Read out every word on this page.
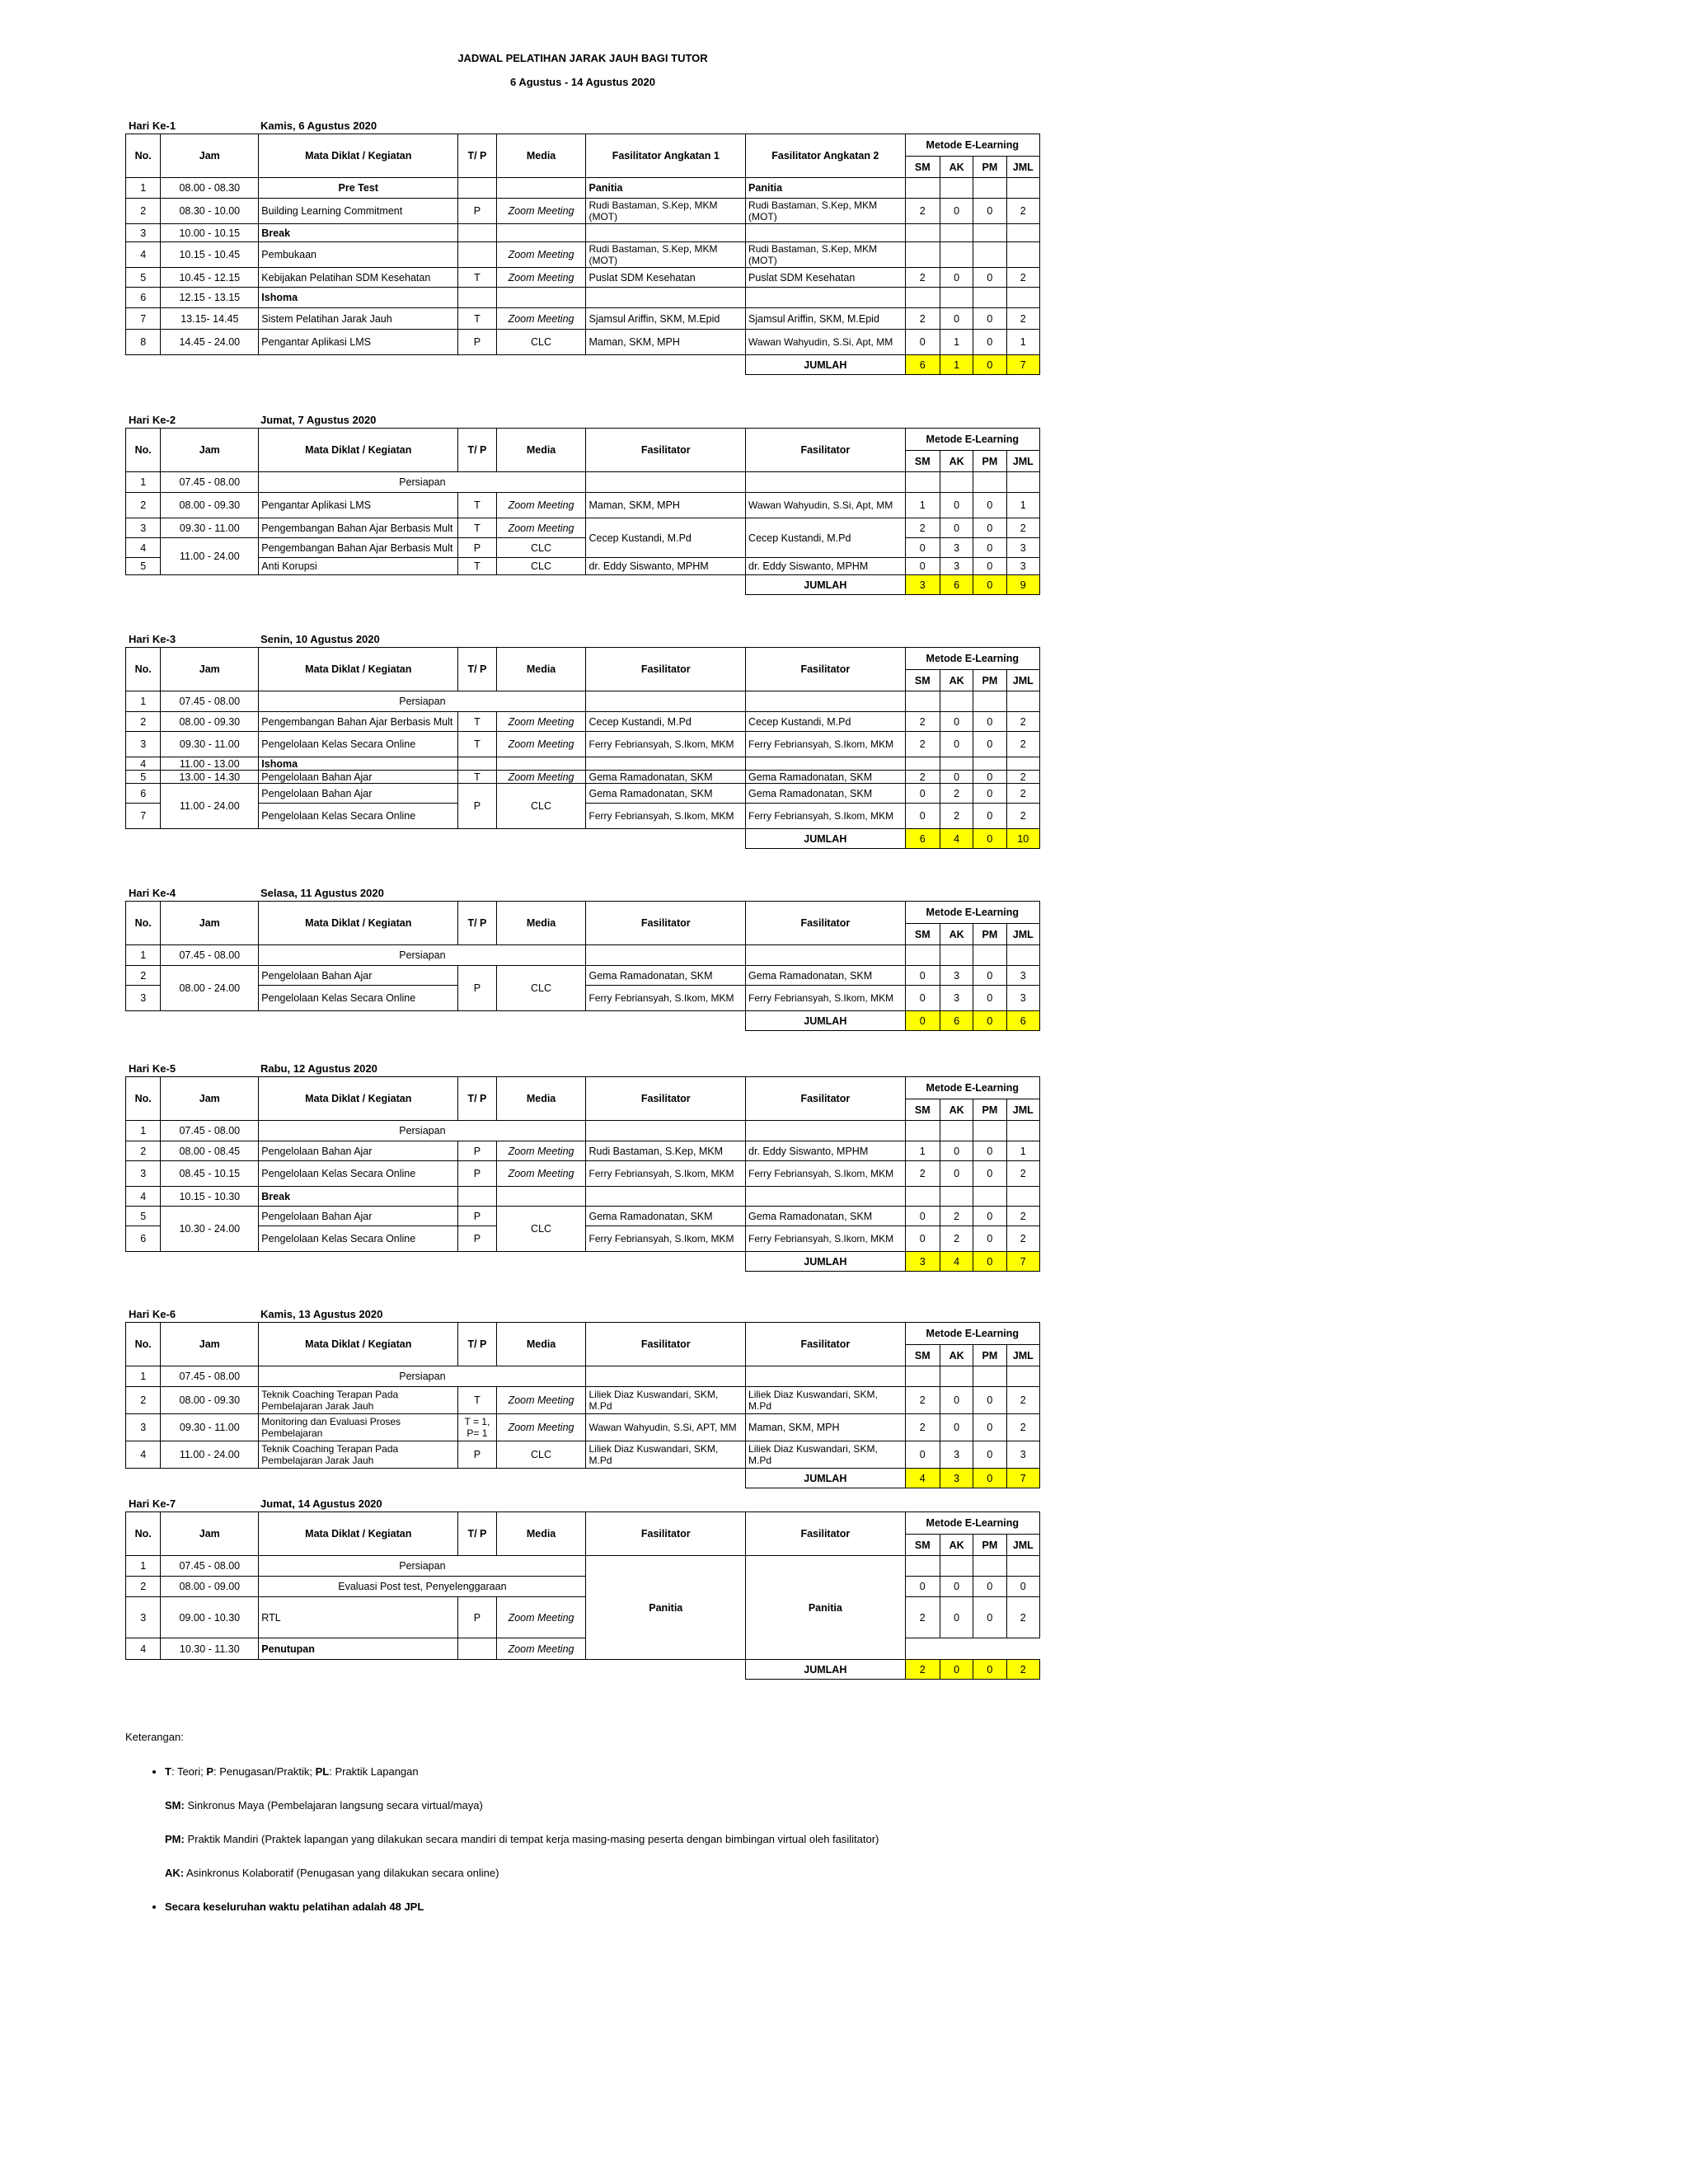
JADWAL PELATIHAN JARAK JAUH BAGI TUTOR
6 Agustus - 14 Agustus 2020
Hari Ke-1	Kamis, 6 Agustus 2020
No.	Jam	Mata Diklat / Kegiatan	T/ P	Media	Fasilitator Angkatan 1	Fasilitator Angkatan 2	Metode E-Learning			
							SM	AK	PM	JML
1	08.00 - 08.30	Pre Test			Panitia	Panitia				
2	08.30 - 10.00	Building Learning Commitment	P	Zoom Meeting	Rudi Bastaman, S.Kep, MKM (MOT)	Rudi Bastaman, S.Kep, MKM (MOT)	2	0	0	2
3	10.00 - 10.15	Break								
4	10.15 - 10.45	Pembukaan		Zoom Meeting	Rudi Bastaman, S.Kep, MKM (MOT)	Rudi Bastaman, S.Kep, MKM (MOT)				
5	10.45 - 12.15	Kebijakan Pelatihan SDM Kesehatan	T	Zoom Meeting	Puslat SDM Kesehatan	Puslat SDM Kesehatan	2	0	0	2
6	12.15 - 13.15	Ishoma								
7	13.15- 14.45	Sistem Pelatihan Jarak Jauh	T	Zoom Meeting	Sjamsul Ariffin, SKM, M.Epid	Sjamsul Ariffin, SKM, M.Epid	2	0	0	2
8	14.45 - 24.00	Pengantar Aplikasi LMS	P	CLC	Maman, SKM, MPH	Wawan Wahyudin, S.Si, Apt, MM	0	1	0	1
						JUMLAH	6	1	0	7
Hari Ke-2	Jumat, 7 Agustus 2020
No.	Jam	Mata Diklat / Kegiatan	T/ P	Media	Fasilitator	Fasilitator	Metode E-Learning			
							SM	AK	PM	JML
1	07.45 - 08.00	Persiapan								
2	08.00 - 09.30	Pengantar Aplikasi LMS	T	Zoom Meeting	Maman, SKM, MPH	Wawan Wahyudin, S.Si, Apt, MM	1	0	0	1
3	09.30 - 11.00	Pengembangan Bahan Ajar Berbasis Mult	T	Zoom Meeting	Cecep Kustandi, M.Pd	Cecep Kustandi, M.Pd	2	0	0	2
4	11.00 - 24.00	Pengembangan Bahan Ajar Berbasis Mult	P	CLC			0	3	0	3
5		Anti Korupsi	T	CLC	dr. Eddy Siswanto, MPHM	dr. Eddy Siswanto, MPHM	0	3	0	3
						JUMLAH	3	6	0	9
Hari Ke-3	Senin, 10 Agustus 2020
No.	Jam	Mata Diklat / Kegiatan	T/ P	Media	Fasilitator	Fasilitator	Metode E-Learning			
							SM	AK	PM	JML
1	07.45 - 08.00	Persiapan								
2	08.00 - 09.30	Pengembangan Bahan Ajar Berbasis Mult	T	Zoom Meeting	Cecep Kustandi, M.Pd	Cecep Kustandi, M.Pd	2	0	0	2
3	09.30 - 11.00	Pengelolaan Kelas Secara Online	T	Zoom Meeting	Ferry Febriansyah, S.Ikom, MKM	Ferry Febriansyah, S.Ikom, MKM	2	0	0	2
4	11.00 - 13.00	Ishoma								
5	13.00 - 14.30	Pengelolaan Bahan Ajar	T	Zoom Meeting	Gema Ramadonatan, SKM	Gema Ramadonatan, SKM	2	0	0	2
6	11.00 - 24.00	Pengelolaan Bahan Ajar	P	CLC	Gema Ramadonatan, SKM	Gema Ramadonatan, SKM	0	2	0	2
7		Pengelolaan Kelas Secara Online			Ferry Febriansyah, S.Ikom, MKM	Ferry Febriansyah, S.Ikom, MKM	0	2	0	2
						JUMLAH	6	4	0	10
Hari Ke-4	Selasa, 11 Agustus 2020
No.	Jam	Mata Diklat / Kegiatan	T/ P	Media	Fasilitator	Fasilitator	Metode E-Learning			
							SM	AK	PM	JML
1	07.45 - 08.00	Persiapan								
2	08.00 - 24.00	Pengelolaan Bahan Ajar	P	CLC	Gema Ramadonatan, SKM	Gema Ramadonatan, SKM	0	3	0	3
3		Pengelolaan Kelas Secara Online			Ferry Febriansyah, S.Ikom, MKM	Ferry Febriansyah, S.Ikom, MKM	0	3	0	3
						JUMLAH	0	6	0	6
Hari Ke-5	Rabu, 12 Agustus 2020
No.	Jam	Mata Diklat / Kegiatan	T/ P	Media	Fasilitator	Fasilitator	Metode E-Learning			
							SM	AK	PM	JML
1	07.45 - 08.00	Persiapan								
2	08.00 - 08.45	Pengelolaan Bahan Ajar	P	Zoom Meeting	Rudi Bastaman, S.Kep, MKM	dr. Eddy Siswanto, MPHM	1	0	0	1
3	08.45 - 10.15	Pengelolaan Kelas Secara Online	P	Zoom Meeting	Ferry Febriansyah, S.Ikom, MKM	Ferry Febriansyah, S.Ikom, MKM	2	0	0	2
4	10.15 - 10.30	Break								
5	10.30 - 24.00	Pengelolaan Bahan Ajar	P	CLC	Gema Ramadonatan, SKM	Gema Ramadonatan, SKM	0	2	0	2
6		Pengelolaan Kelas Secara Online	P		Ferry Febriansyah, S.Ikom, MKM	Ferry Febriansyah, S.Ikom, MKM	0	2	0	2
						JUMLAH	3	4	0	7
Hari Ke-6	Kamis, 13 Agustus 2020
No.	Jam	Mata Diklat / Kegiatan	T/ P	Media	Fasilitator	Fasilitator	Metode E-Learning			
							SM	AK	PM	JML
1	07.45 - 08.00	Persiapan								
2	08.00 - 09.30	Teknik Coaching Terapan Pada Pembelajaran Jarak Jauh	T	Zoom Meeting	Liliek Diaz Kuswandari, SKM, M.Pd	Liliek Diaz Kuswandari, SKM, M.Pd	2	0	0	2
3	09.30 - 11.00	Monitoring dan Evaluasi Proses Pembelajaran	T = 1, P= 1	Zoom Meeting	Wawan Wahyudin, S.Si, APT, MM	Maman, SKM, MPH	2	0	0	2
4	11.00 - 24.00	Teknik Coaching Terapan Pada Pembelajaran Jarak Jauh	P	CLC	Liliek Diaz Kuswandari, SKM, M.Pd	Liliek Diaz Kuswandari, SKM, M.Pd	0	3	0	3
						JUMLAH	4	3	0	7
Hari Ke-7	Jumat, 14 Agustus 2020
No.	Jam	Mata Diklat / Kegiatan	T/ P	Media	Fasilitator	Fasilitator	Metode E-Learning			
							SM	AK	PM	JML
1	07.45 - 08.00	Persiapan			Panitia	Panitia				
2	08.00 - 09.00	Evaluasi Post test, Penyelenggaraan					0	0	0	0
3	09.00 - 10.30	RTL	P	Zoom Meeting			2	0	0	2
4	10.30 - 11.30	Penutupan		Zoom Meeting						
						JUMLAH	2	0	0	2
Keterangan:
• T: Teori; P: Penugasan/Praktik; PL: Praktik Lapangan
SM: Sinkronus Maya (Pembelajaran langsung secara virtual/maya)
PM: Praktik Mandiri (Praktek lapangan yang dilakukan secara mandiri di tempat kerja masing-masing peserta dengan bimbingan virtual oleh fasilitator)
AK: Asinkronus Kolaboratif (Penugasan yang dilakukan secara online)
• Secara keseluruhan waktu pelatihan adalah 48 JPL
